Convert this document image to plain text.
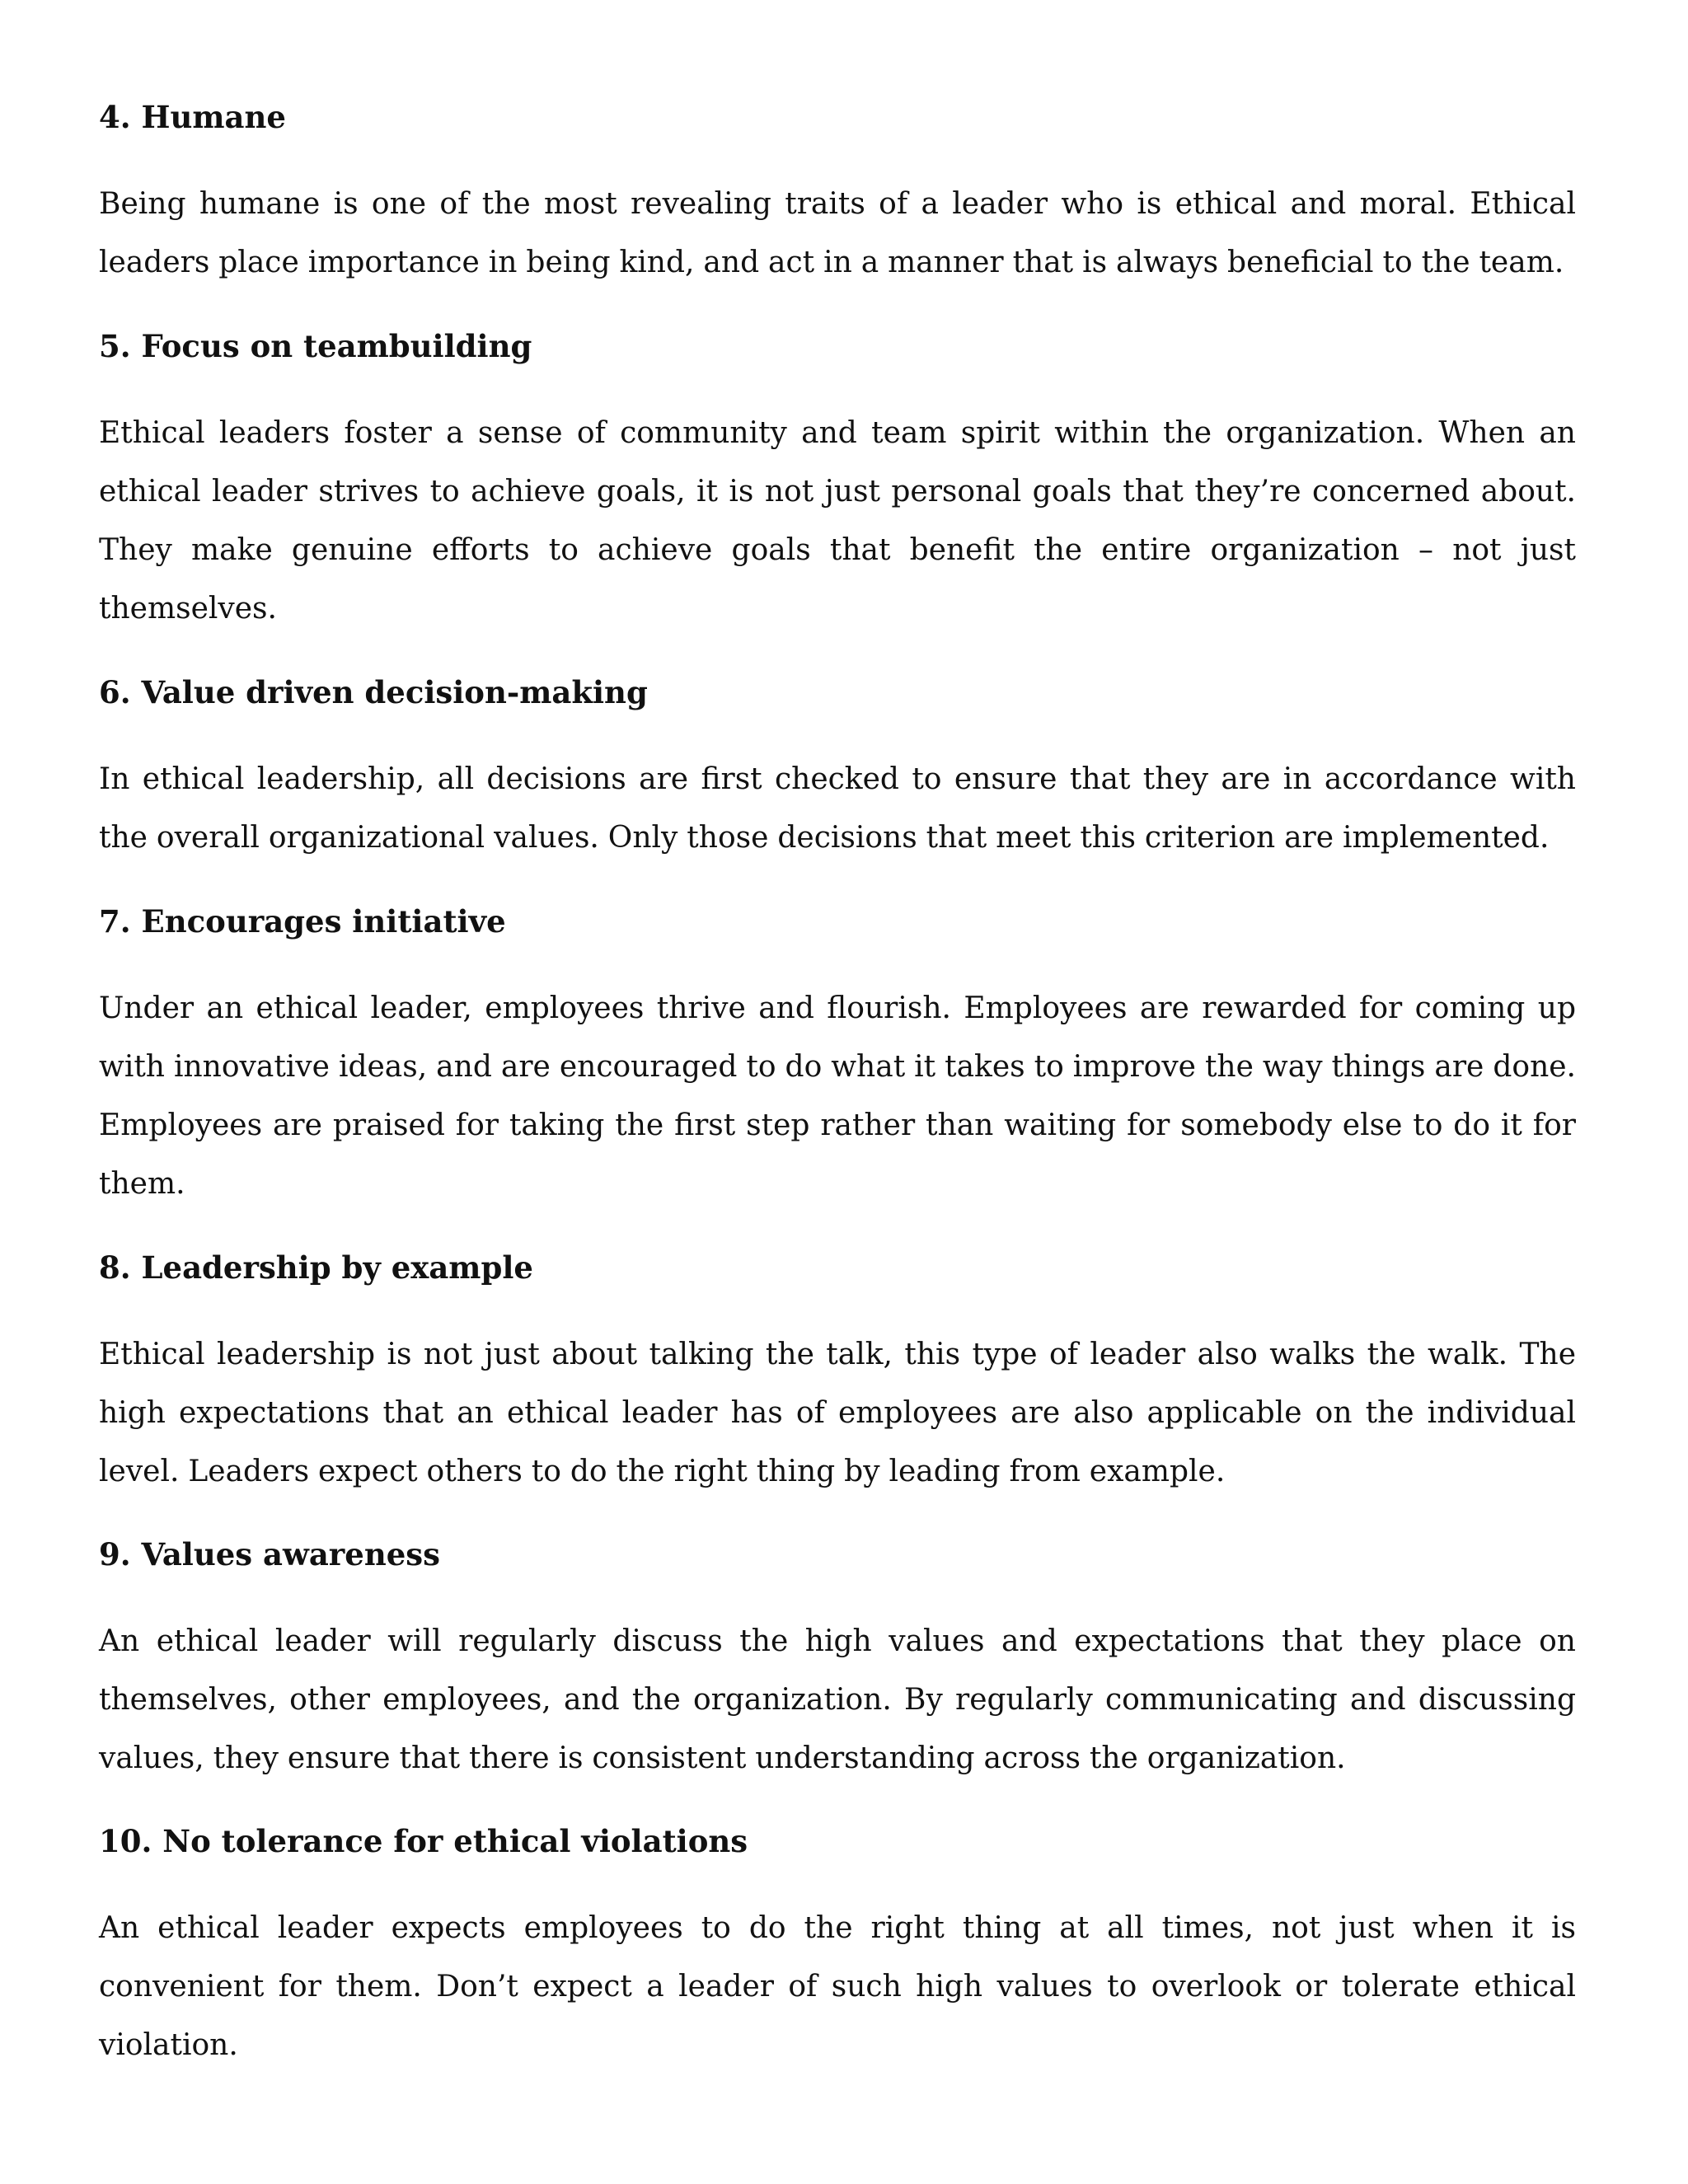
4. Humane

Being humane is one of the most revealing traits of a leader who is ethical and moral. Ethical leaders place importance in being kind, and act in a manner that is always beneficial to the team.

5. Focus on teambuilding

Ethical leaders foster a sense of community and team spirit within the organization. When an ethical leader strives to achieve goals, it is not just personal goals that they’re concerned about. They make genuine efforts to achieve goals that benefit the entire organization – not just themselves.

6. Value driven decision-making

In ethical leadership, all decisions are first checked to ensure that they are in accordance with the overall organizational values. Only those decisions that meet this criterion are implemented.

7. Encourages initiative

Under an ethical leader, employees thrive and flourish. Employees are rewarded for coming up with innovative ideas, and are encouraged to do what it takes to improve the way things are done. Employees are praised for taking the first step rather than waiting for somebody else to do it for them.

8. Leadership by example

Ethical leadership is not just about talking the talk, this type of leader also walks the walk. The high expectations that an ethical leader has of employees are also applicable on the individual level. Leaders expect others to do the right thing by leading from example.

9. Values awareness

An ethical leader will regularly discuss the high values and expectations that they place on themselves, other employees, and the organization. By regularly communicating and discussing values, they ensure that there is consistent understanding across the organization.

10. No tolerance for ethical violations

An ethical leader expects employees to do the right thing at all times, not just when it is convenient for them. Don’t expect a leader of such high values to overlook or tolerate ethical violation.
